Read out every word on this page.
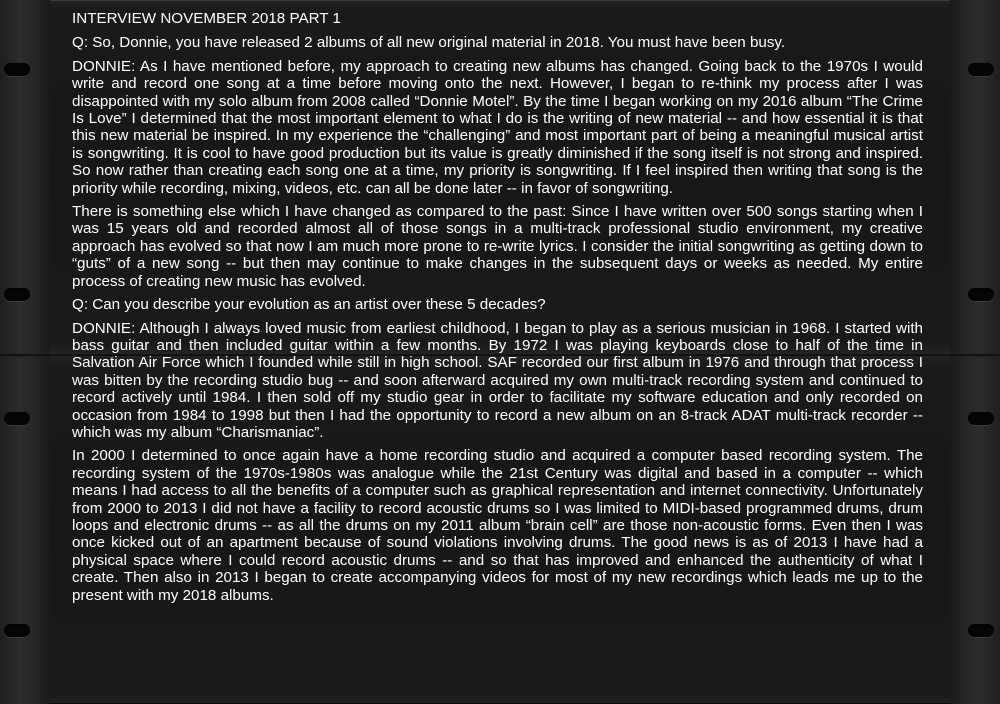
INTERVIEW NOVEMBER 2018 PART 1

Q: So, Donnie, you have released 2 albums of all new original material in 2018. You must have been busy.

DONNIE: As I have mentioned before, my approach to creating new albums has changed. Going back to the 1970s I would write and record one song at a time before moving onto the next. However, I began to re-think my process after I was disappointed with my solo album from 2008 called “Donnie Motel”. By the time I began working on my 2016 album “The Crime Is Love” I determined that the most important element to what I do is the writing of new material -- and how essential it is that this new material be inspired. In my experience the “challenging” and most important part of being a meaningful musical artist is songwriting. It is cool to have good production but its value is greatly diminished if the song itself is not strong and inspired. So now rather than creating each song one at a time, my priority is songwriting. If I feel inspired then writing that song is the priority while recording, mixing, videos, etc. can all be done later -- in favor of songwriting.

There is something else which I have changed as compared to the past: Since I have written over 500 songs starting when I was 15 years old and recorded almost all of those songs in a multi-track professional studio environment, my creative approach has evolved so that now I am much more prone to re-write lyrics. I consider the initial songwriting as getting down to “guts” of a new song -- but then may continue to make changes in the subsequent days or weeks as needed. My entire process of creating new music has evolved.

Q: Can you describe your evolution as an artist over these 5 decades?

DONNIE: Although I always loved music from earliest childhood, I began to play as a serious musician in 1968. I started with bass guitar and then included guitar within a few months. By 1972 I was playing keyboards close to half of the time in Salvation Air Force which I founded while still in high school. SAF recorded our first album in 1976 and through that process I was bitten by the recording studio bug -- and soon afterward acquired my own multi-track recording system and continued to record actively until 1984. I then sold off my studio gear in order to facilitate my software education and only recorded on occasion from 1984 to 1998 but then I had the opportunity to record a new album on an 8-track ADAT multi-track recorder -- which was my album “Charismaniac”.

In 2000 I determined to once again have a home recording studio and acquired a computer based recording system. The recording system of the 1970s-1980s was analogue while the 21st Century was digital and based in a computer -- which means I had access to all the benefits of a computer such as graphical representation and internet connectivity. Unfortunately from 2000 to 2013 I did not have a facility to record acoustic drums so I was limited to MIDI-based programmed drums, drum loops and electronic drums -- as all the drums on my 2011 album “brain cell” are those non-acoustic forms. Even then I was once kicked out of an apartment because of sound violations involving drums. The good news is as of 2013 I have had a physical space where I could record acoustic drums -- and so that has improved and enhanced the authenticity of what I create. Then also in 2013 I began to create accompanying videos for most of my new recordings which leads me up to the present with my 2018 albums.
